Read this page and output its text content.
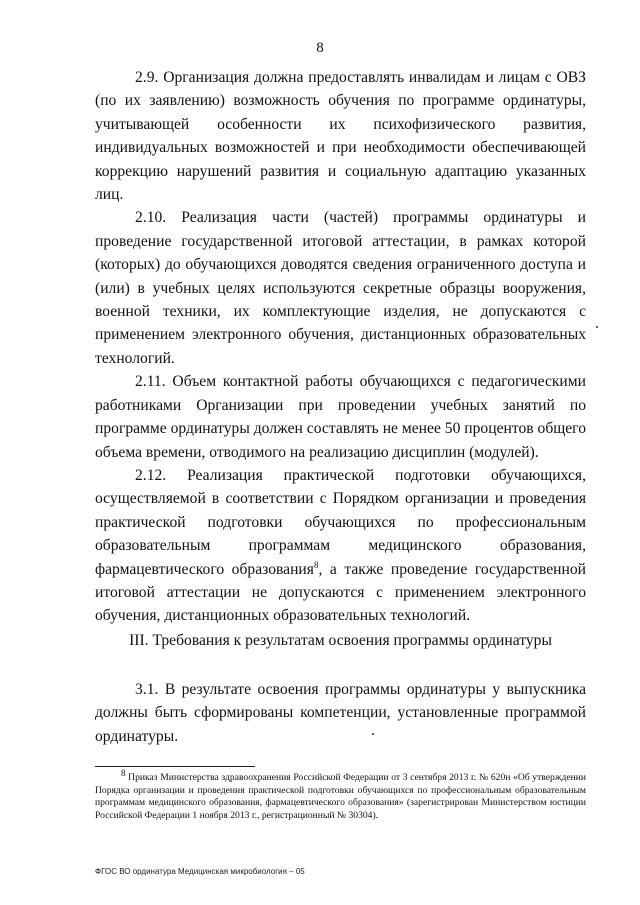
8

2.9. Организация должна предоставлять инвалидам и лицам с ОВЗ (по их заявлению) возможность обучения по программе ординатуры, учитывающей особенности их психофизического развития, индивидуальных возможностей и при необходимости обеспечивающей коррекцию нарушений развития и социальную адаптацию указанных лиц.

2.10. Реализация части (частей) программы ординатуры и проведение государственной итоговой аттестации, в рамках которой (которых) до обучающихся доводятся сведения ограниченного доступа и (или) в учебных целях используются секретные образцы вооружения, военной техники, их комплектующие изделия, не допускаются с применением электронного обучения, дистанционных образовательных технологий.

2.11. Объем контактной работы обучающихся с педагогическими работниками Организации при проведении учебных занятий по программе ординатуры должен составлять не менее 50 процентов общего объема времени, отводимого на реализацию дисциплин (модулей).

2.12. Реализация практической подготовки обучающихся, осуществляемой в соответствии с Порядком организации и проведения практической подготовки обучающихся по профессиональным образовательным программам медицинского образования, фармацевтического образования$^8$, а также проведение государственной итоговой аттестации не допускаются с применением электронного обучения, дистанционных образовательных технологий.

III. Требования к результатам освоения программы ординатуры

3.1. В результате освоения программы ординатуры у выпускника должны быть сформированы компетенции, установленные программой ординатуры.

$^8$ Приказ Министерства здравоохранения Российской Федерации от 3 сентября 2013 г. № 620н «Об утверждении Порядка организации и проведения практической подготовки обучающихся по профессиональным образовательным программам медицинского образования, фармацевтического образования» (зарегистрирован Министерством юстиции Российской Федерации 1 ноября 2013 г., регистрационный № 30304).
ФГОС ВО ординатура Медицинская микробиология – 05
